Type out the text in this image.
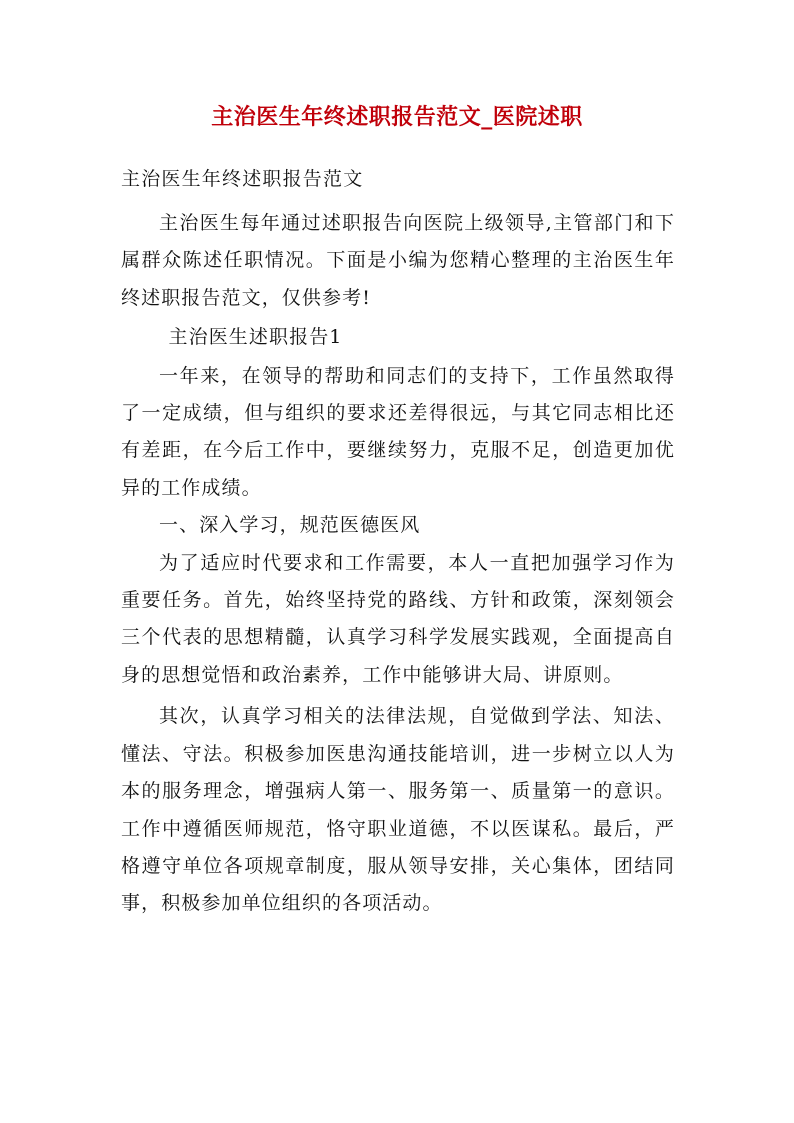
主治医生年终述职报告范文_医院述职
主治医生年终述职报告范文

主治医生每年通过述职报告向医院上级领导,主管部门和下属群众陈述任职情况。下面是小编为您精心整理的主治医生年终述职报告范文，仅供参考!

主治医生述职报告1

一年来，在领导的帮助和同志们的支持下，工作虽然取得了一定成绩，但与组织的要求还差得很远，与其它同志相比还有差距，在今后工作中，要继续努力，克服不足，创造更加优异的工作成绩。

一、深入学习，规范医德医风

为了适应时代要求和工作需要，本人一直把加强学习作为重要任务。首先，始终坚持党的路线、方针和政策，深刻领会三个代表的思想精髓，认真学习科学发展实践观，全面提高自身的思想觉悟和政治素养，工作中能够讲大局、讲原则。

其次，认真学习相关的法律法规，自觉做到学法、知法、懂法、守法。积极参加医患沟通技能培训，进一步树立以人为本的服务理念，增强病人第一、服务第一、质量第一的意识。工作中遵循医师规范，恪守职业道德，不以医谋私。最后，严格遵守单位各项规章制度，服从领导安排，关心集体，团结同事，积极参加单位组织的各项活动。
